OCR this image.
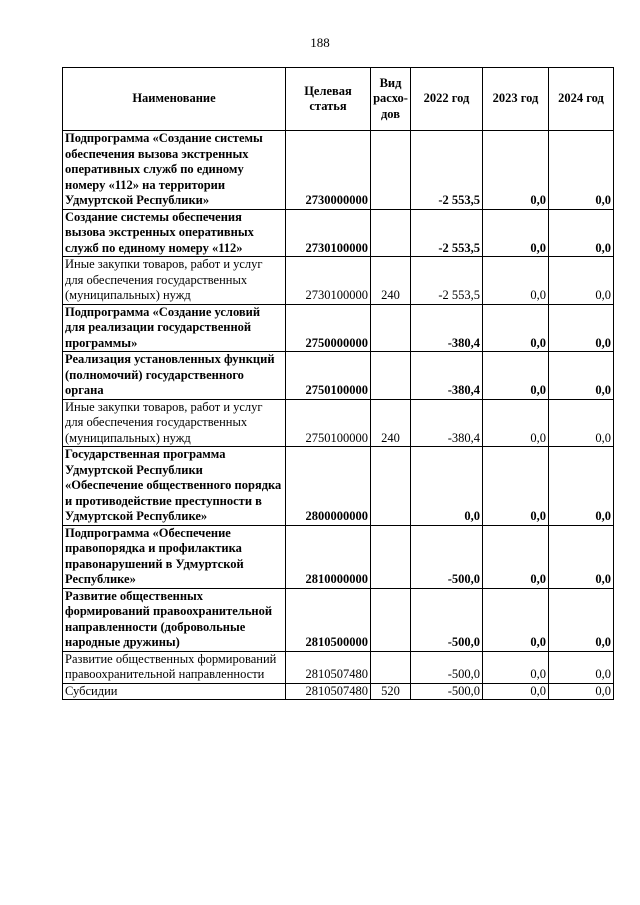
188
Наименование	Целевая статья	Вид расхо-дов	2022 год	2023 год	2024 год
Подпрограмма «Создание системы обеспечения вызова экстренных оперативных служб по единому номеру «112» на территории Удмуртской Республики»	2730000000		-2 553,5	0,0	0,0
Создание системы обеспечения вызова экстренных оперативных служб по единому номеру «112»	2730100000		-2 553,5	0,0	0,0
Иные закупки товаров, работ и услуг для обеспечения государственных (муниципальных) нужд	2730100000	240	-2 553,5	0,0	0,0
Подпрограмма «Создание условий для реализации государственной программы»	2750000000		-380,4	0,0	0,0
Реализация установленных функций (полномочий) государственного органа	2750100000		-380,4	0,0	0,0
Иные закупки товаров, работ и услуг для обеспечения государственных (муниципальных) нужд	2750100000	240	-380,4	0,0	0,0
Государственная программа Удмуртской Республики «Обеспечение общественного порядка и противодействие преступности в Удмуртской Республике»	2800000000		0,0	0,0	0,0
Подпрограмма «Обеспечение правопорядка и профилактика правонарушений в Удмуртской Республике»	2810000000		-500,0	0,0	0,0
Развитие общественных формирований правоохранительной направленности (добровольные народные дружины)	2810500000		-500,0	0,0	0,0
Развитие общественных формирований правоохранительной направленности	2810507480		-500,0	0,0	0,0
Субсидии	2810507480	520	-500,0	0,0	0,0
